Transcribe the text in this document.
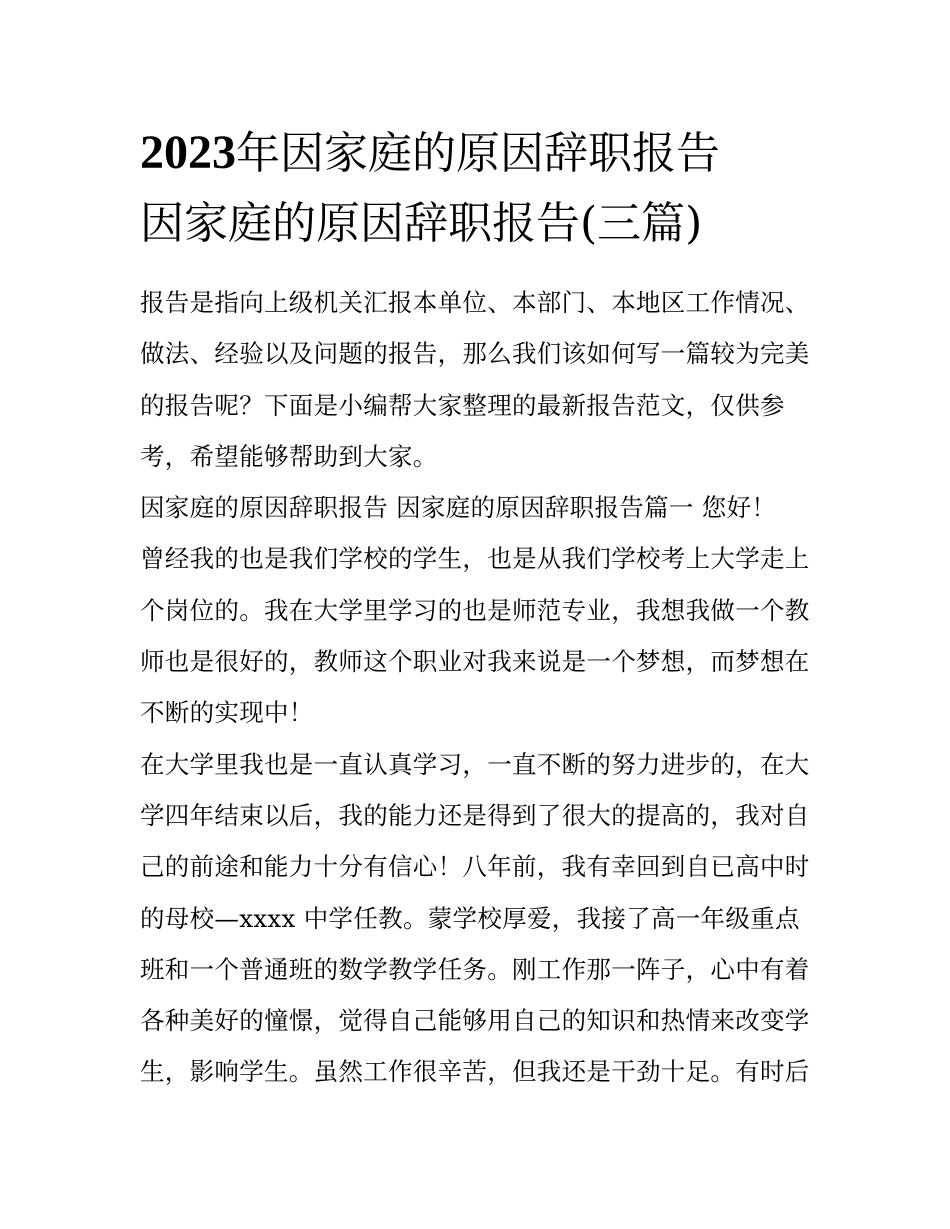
2023年因家庭的原因辞职报告
因家庭的原因辞职报告(三篇)
报告是指向上级机关汇报本单位、本部门、本地区工作情况、
做法、经验以及问题的报告，那么我们该如何写一篇较为完美
的报告呢？下面是小编帮大家整理的最新报告范文，仅供参
考，希望能够帮助到大家。
因家庭的原因辞职报告 因家庭的原因辞职报告篇一 您好！
曾经我的也是我们学校的学生，也是从我们学校考上大学走上
个岗位的。我在大学里学习的也是师范专业，我想我做一个教
师也是很好的，教师这个职业对我来说是一个梦想，而梦想在
不断的实现中！
在大学里我也是一直认真学习，一直不断的努力进步的，在大
学四年结束以后，我的能力还是得到了很大的提高的，我对自
己的前途和能力十分有信心！八年前，我有幸回到自已高中时
的母校—xxxx 中学任教。蒙学校厚爱，我接了高一年级重点
班和一个普通班的数学教学任务。刚工作那一阵子，心中有着
各种美好的憧憬，觉得自己能够用自己的知识和热情来改变学
生，影响学生。虽然工作很辛苦，但我还是干劲十足。有时后
